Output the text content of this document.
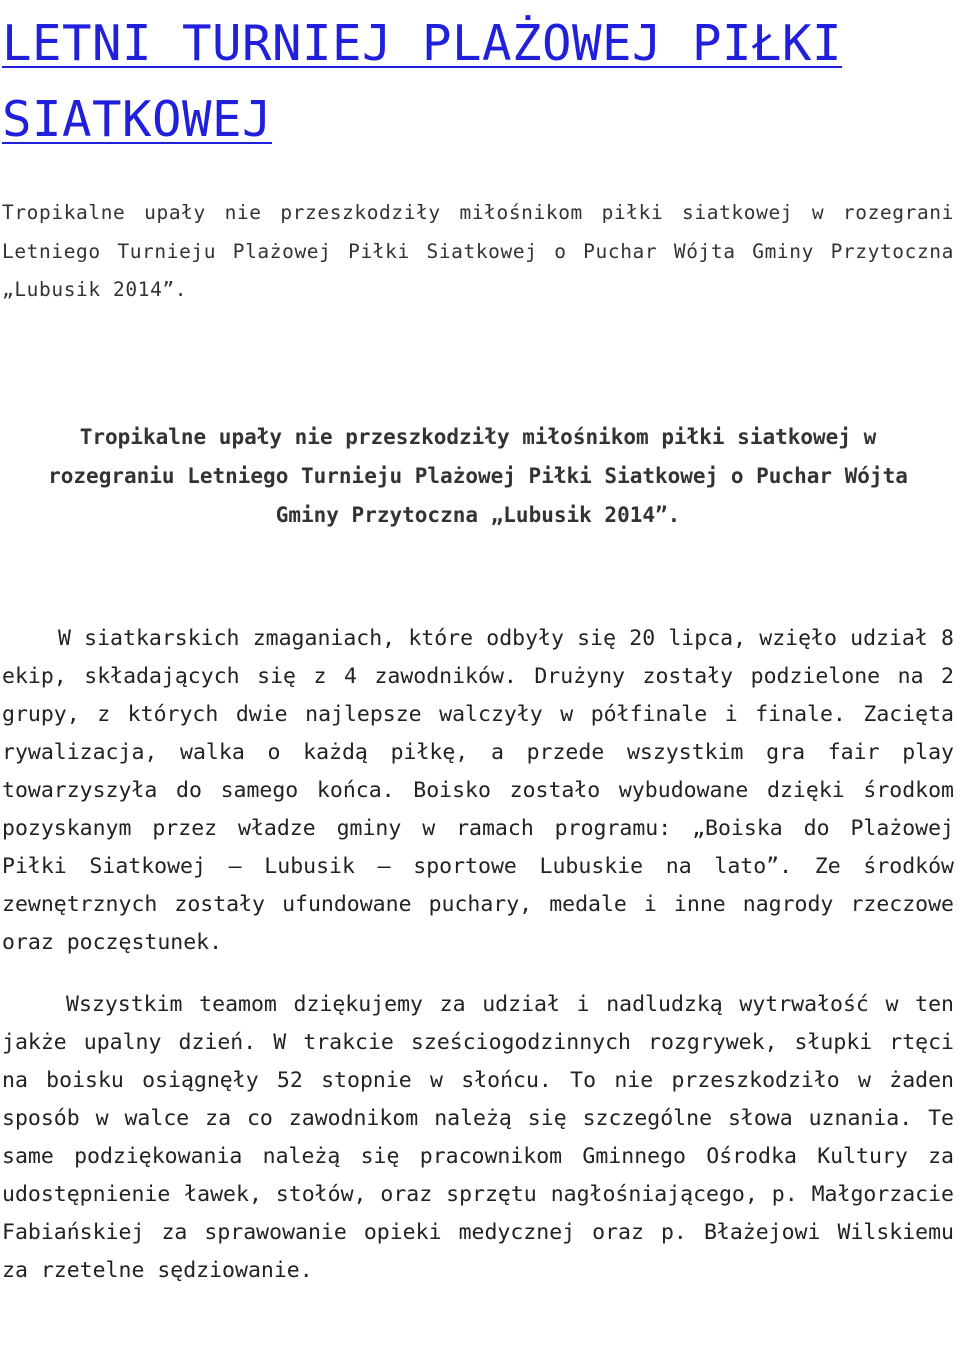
LETNI TURNIEJ PLAŻOWEJ PIŁKI SIATKOWEJ

Tropikalne upały nie przeszkodziły miłośnikom piłki siatkowej w rozegrani Letniego Turnieju Plażowej Piłki Siatkowej o Puchar Wójta Gminy Przytoczna „Lubusik 2014”.

Tropikalne upały nie przeszkodziły miłośnikom piłki siatkowej w rozegraniu Letniego Turnieju Plażowej Piłki Siatkowej o Puchar Wójta Gminy Przytoczna „Lubusik 2014”.

W siatkarskich zmaganiach, które odbyły się 20 lipca, wzięło udział 8 ekip, składających się z 4 zawodników. Drużyny zostały podzielone na 2 grupy, z których dwie najlepsze walczyły w półfinale i finale. Zacięta rywalizacja, walka o każdą piłkę, a przede wszystkim gra fair play towarzyszyła do samego końca. Boisko zostało wybudowane dzięki środkom pozyskanym przez władze gminy w ramach programu: „Boiska do Plażowej Piłki Siatkowej – Lubusik – sportowe Lubuskie na lato”. Ze środków zewnętrznych zostały ufundowane puchary, medale i inne nagrody rzeczowe oraz poczęstunek.

Wszystkim teamom dziękujemy za udział i nadludzką wytrwałość w ten jakże upalny dzień. W trakcie sześciogodzinnych rozgrywek, słupki rtęci na boisku osiągnęły 52 stopnie w słońcu. To nie przeszkodziło w żaden sposób w walce za co zawodnikom należą się szczególne słowa uznania. Te same podziękowania należą się pracownikom Gminnego Ośrodka Kultury za udostępnienie ławek, stołów, oraz sprzętu nagłośniającego, p. Małgorzacie Fabiańskiej za sprawowanie opieki medycznej oraz p. Błażejowi Wilskiemu za rzetelne sędziowanie.
